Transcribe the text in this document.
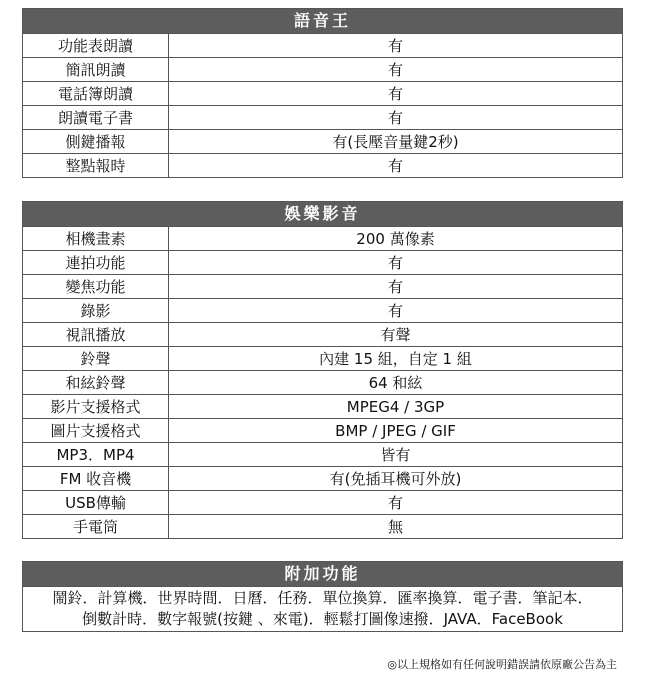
語音王	
功能表朗讀	有
簡訊朗讀	有
電話簿朗讀	有
朗讀電子書	有
側鍵播報	有(長壓音量鍵2秒)
整點報時	有
娛樂影音	
相機畫素	200 萬像素
連拍功能	有
變焦功能	有
錄影	有
視訊播放	有聲
鈴聲	內建 15 組，自定 1 組
和絃鈴聲	64 和絃
影片支援格式	MPEG4 / 3GP
圖片支援格式	BMP / JPEG / GIF
MP3．MP4	皆有
FM 收音機	有(免插耳機可外放)
USB傳輸	有
手電筒	無
附加功能

鬧鈴．計算機．世界時間．日曆．任務．單位換算．匯率換算．電子書．筆記本．
倒數計時．數字報號(按鍵 、來電)．輕鬆打圖像速撥．JAVA．FaceBook
◎以上規格如有任何說明錯誤請依原廠公告為主
